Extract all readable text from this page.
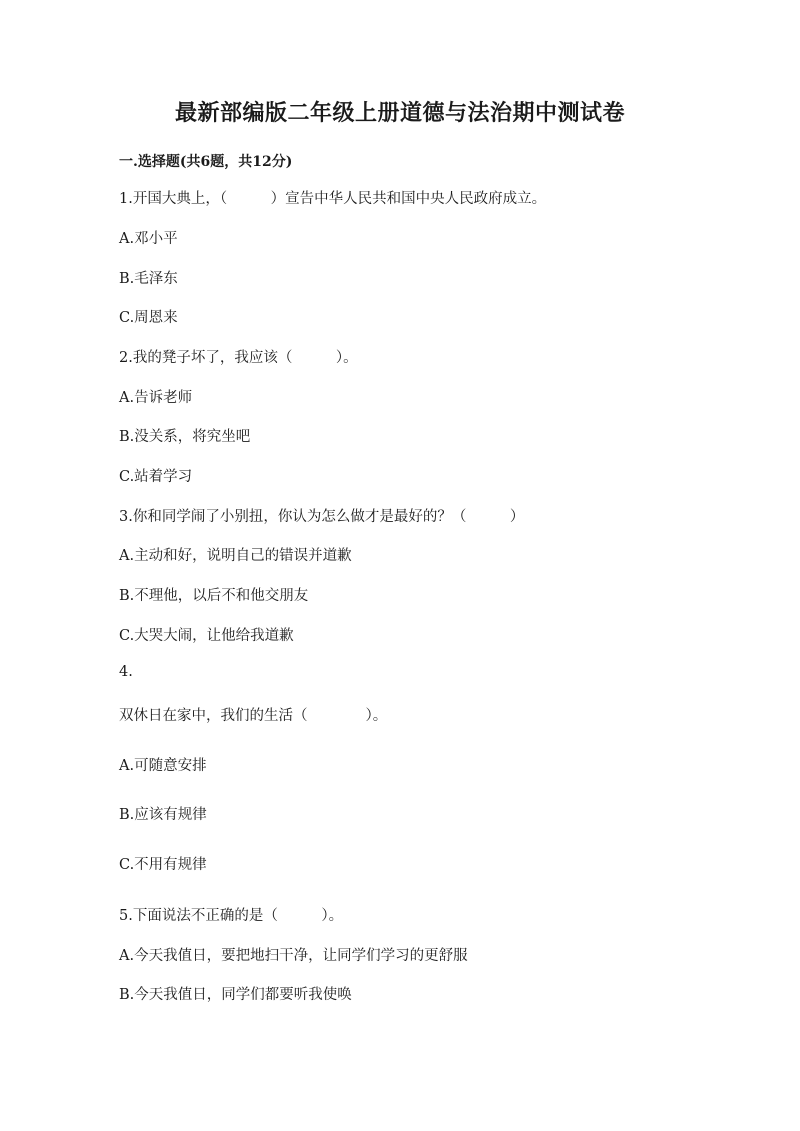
最新部编版二年级上册道德与法治期中测试卷
一.选择题(共6题，共12分)
1.开国大典上，（　　　）宣告中华人民共和国中央人民政府成立。
A.邓小平
B.毛泽东
C.周恩来
2.我的凳子坏了，我应该（　　　）。
A.告诉老师
B.没关系，将究坐吧
C.站着学习
3.你和同学闹了小别扭，你认为怎么做才是最好的？（　　　）
A.主动和好，说明自己的错误并道歉
B.不理他，以后不和他交朋友
C.大哭大闹，让他给我道歉
4.
双休日在家中，我们的生活（　　　　）。
A.可随意安排
B.应该有规律
C.不用有规律
5.下面说法不正确的是（　　　）。
A.今天我值日，要把地扫干净，让同学们学习的更舒服
B.今天我值日，同学们都要听我使唤
